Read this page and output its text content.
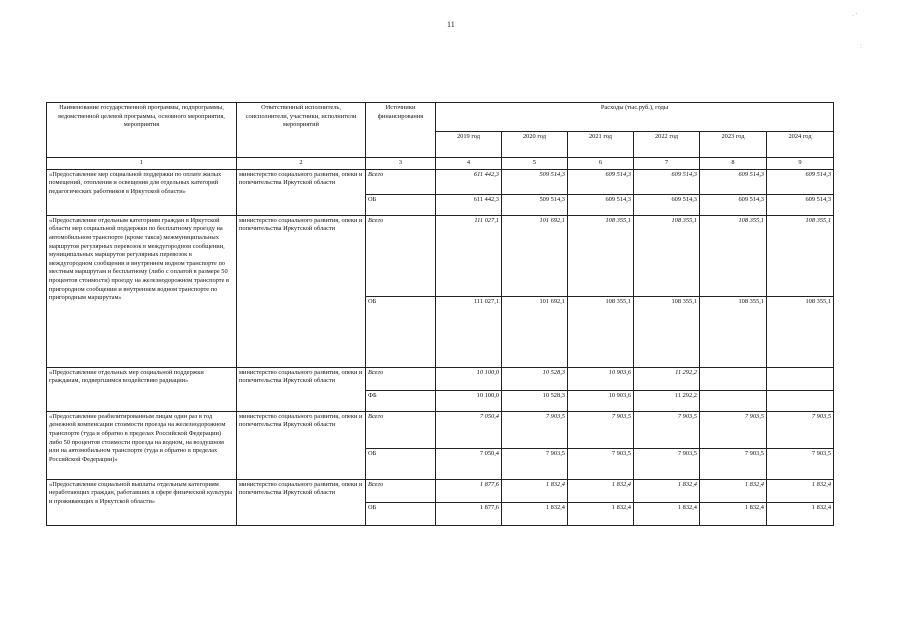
11
. ·
:
Наименование государственной программы, подпрограммы, ведомственной целевой программы, основного мероприятия, мероприятия	Ответственный исполнитель, соисполнители, участники, исполнители мероприятий	Источники финансирования	Расходы (тыс.руб.), годы					
			2019 год	2020 год	2021 год	2022 год	2023 год	2024 год
1	2	3	4	5	6	7	8	9
«Предоставление мер социальной поддержки по оплате жилых помещений, отопления и освещения для отдельных категорий педагогических работников в Иркутской области»	министерство социального развития, опеки и попечительства Иркутской области	Всего	611 442,3	509 514,3	609 514,3	609 514,3	609 514,3	609 514,3
		ОБ	611 442,3	509 514,3	609 514,3	609 514,3	609 514,3	609 514,3
«Предоставление отдельным категориям граждан в Иркутской области мер социальной поддержки по бесплатному проезду на автомобильном транспорте (кроме такси) межмуниципальных маршрутов регулярных перевозок в междугородном сообщении, муниципальных маршрутов регулярных перевозок в междугородном сообщении и внутреннем водном транспорте по местным маршрутам и бесплатному (либо с оплатой в размере 50 процентов стоимости) проезду на железнодорожном транспорте в пригородном сообщении и внутреннем водном транспорте по пригородным маршрутам»	министерство социального развития, опеки и попечительства Иркутской области	Всего	111 027,1	101 692,1	108 355,1	108 355,1	108 355,1	108 355,1
		ОБ	111 027,1	101 692,1	108 355,1	108 355,1	108 355,1	108 355,1
«Предоставление отдельных мер социальной поддержки гражданам, подвергшимся воздействию радиации»	министерство социального развития, опеки и попечительства Иркутской области	Всего	10 100,0	10 528,3	10 903,6	11 292,2		
		ФБ	10 100,0	10 528,3	10 903,6	11 292,2		
«Предоставление реабилитированным лицам один раз в год денежной компенсации стоимости проезда на железнодорожном транспорте (туда и обратно в пределах Российской Федерации) либо 50 процентов стоимости проезда на водном, на воздушном или на автомобильном транспорте (туда и обратно в пределах Российской Федерации)»	министерство социального развития, опеки и попечительства Иркутской области	Всего	7 050,4	7 903,5	7 903,5	7 903,5	7 903,5	7 903,5
		ОБ	7 050,4	7 903,5	7 903,5	7 903,5	7 903,5	7 903,5
«Предоставление социальной выплаты отдельным категориям неработающих граждан, работавших в сфере физической культуры и проживающих в Иркутской области»	министерство социального развития, опеки и попечительства Иркутской области	Всего	1 877,6	1 832,4	1 832,4	1 832,4	1 832,4	1 832,4
		ОБ	1 877,6	1 832,4	1 832,4	1 832,4	1 832,4	1 832,4
